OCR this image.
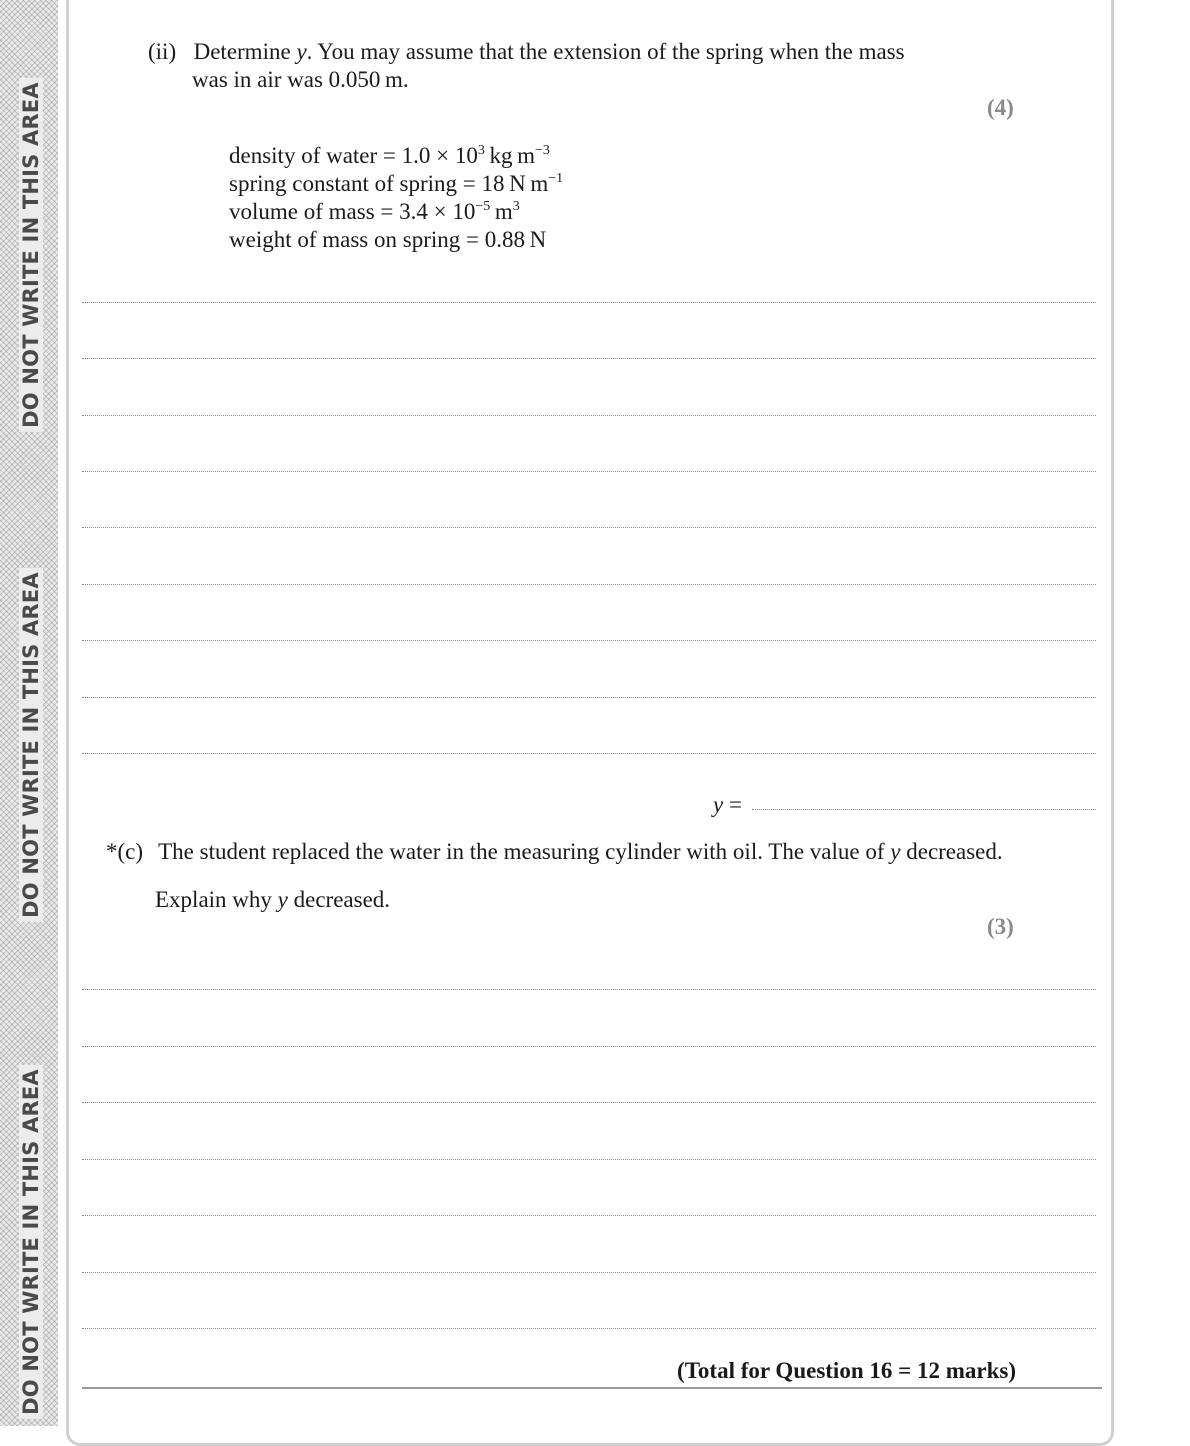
DO NOT WRITE IN THIS AREA
DO NOT WRITE IN THIS AREA
DO NOT WRITE IN THIS AREA
(ii) Determine y. You may assume that the extension of the spring when the mass
was in air was 0.050 m.
(4)
density of water = $1.0 \times 10^3$ kg $m^{-3}$
spring constant of spring = 18 N $m^{-1}$
volume of mass = $3.4 \times 10^{-5}$ $m^3$
weight of mass on spring = 0.88 N
y =
*(c) The student replaced the water in the measuring cylinder with oil. The value of y decreased.
Explain why y decreased.
(3)
(Total for Question 16 = 12 marks)
